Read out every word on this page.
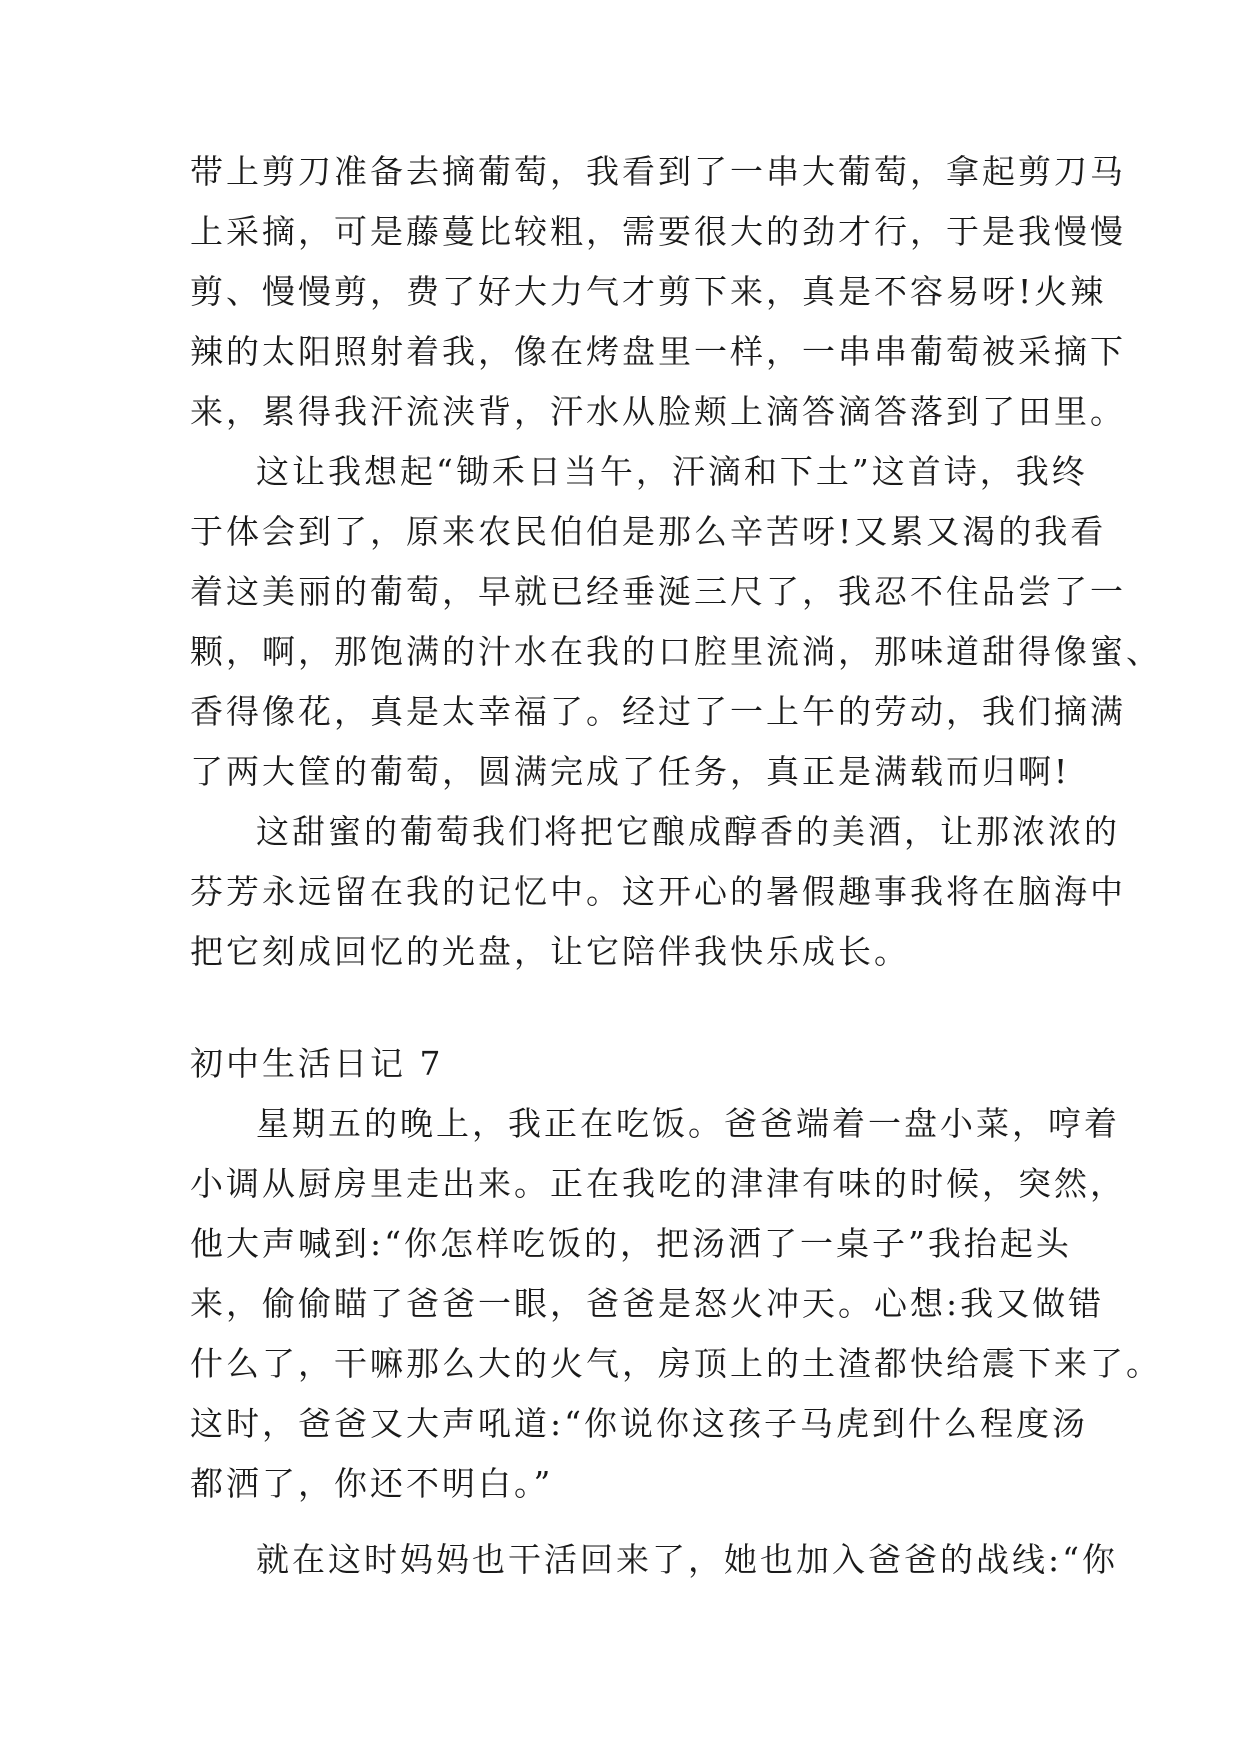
带上剪刀准备去摘葡萄，我看到了一串大葡萄，拿起剪刀马
上采摘，可是藤蔓比较粗，需要很大的劲才行，于是我慢慢
剪、慢慢剪，费了好大力气才剪下来，真是不容易呀!火辣
辣的太阳照射着我，像在烤盘里一样，一串串葡萄被采摘下
来，累得我汗流浃背，汗水从脸颊上滴答滴答落到了田里。
这让我想起“锄禾日当午，汗滴和下土”这首诗，我终
于体会到了，原来农民伯伯是那么辛苦呀!又累又渴的我看
着这美丽的葡萄，早就已经垂涎三尺了，我忍不住品尝了一
颗，啊，那饱满的汁水在我的口腔里流淌，那味道甜得像蜜、
香得像花，真是太幸福了。经过了一上午的劳动，我们摘满
了两大筐的葡萄，圆满完成了任务，真正是满载而归啊!
这甜蜜的葡萄我们将把它酿成醇香的美酒，让那浓浓的
芬芳永远留在我的记忆中。这开心的暑假趣事我将在脑海中
把它刻成回忆的光盘，让它陪伴我快乐成长。
初中生活日记 7
星期五的晚上，我正在吃饭。爸爸端着一盘小菜，哼着
小调从厨房里走出来。正在我吃的津津有味的时候，突然，
他大声喊到:“你怎样吃饭的，把汤洒了一桌子”我抬起头
来，偷偷瞄了爸爸一眼，爸爸是怒火冲天。心想:我又做错
什么了，干嘛那么大的火气，房顶上的土渣都快给震下来了。
这时，爸爸又大声吼道:“你说你这孩子马虎到什么程度汤
都洒了，你还不明白。”
就在这时妈妈也干活回来了，她也加入爸爸的战线:“你
